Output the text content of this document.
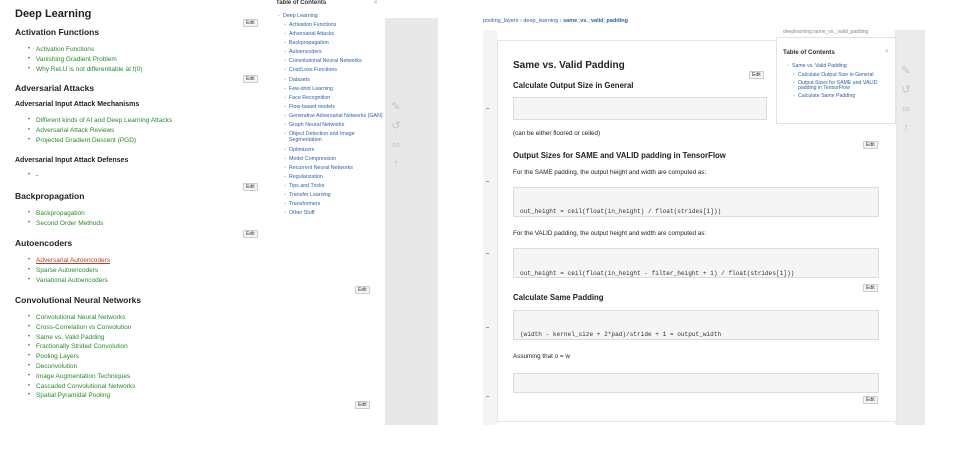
Deep Learning
Activation Functions
• Activation Functions
• Vanishing Gradient Problem
• Why ReLU is not differentiable at f(0)
Adversarial Attacks
Adversarial Input Attack Mechanisms
• Different kinds of AI and Deep Learning Attacks
• Adversarial Attack Reviews
• Projected Gradient Descent (PGD)
Adversarial Input Attack Defenses
• -
Backpropagation
• Backpropagation
• Second Order Methods
Autoencoders
• Adversarial Autoencoders
• Sparse Autoencoders
• Variational Autoencoders
Convolutional Neural Networks
• Convolutional Neural Networks
• Cross-Correlation vs Convolution
• Same vs. Valid Padding
• Fractionally Strided Convolution
• Pooling Layers
• Deconvolution
• Image Augmentation Techniques
• Cascaded Convolutional Networks
• Spatial Pyramidal Pooling
Edit
Edit
Edit
Edit
Edit
Edit
Table of Contents	×
◦ Deep Learning
◦ Activation Functions
◦ Adversarial Attacks
◦ Backpropagation
◦ Autoencoders
◦ Convolutional Neural Networks
◦ Cost/Loss Functions
◦ Datasets
◦ Few-shot Learning
◦ Face Recognition
◦ Flow-based models
◦ Generative Adversarial Networks (GAN)
◦ Graph Neural Networks
◦ Object Detection and Image Segmentation
◦ Optimizers
◦ Model Compression
◦ Recurrent Neural Networks
◦ Regularization
◦ Tips and Tricks
◦ Transfer Learning
◦ Transformers
◦ Other Stuff
✎
↺
∞
↑
pooling_layers › deep_learning › same_vs._valid_padding
✎
↺
∞
↑
Same vs. Valid Padding
Calculate Output Size in General
Edit

(can be either floored or ceiled)
Edit
Output Sizes for SAME and VALID padding in TensorFlow
For the SAME padding, the output height and width are computed as:

out_height = ceil(float(in_height) / float(strides[1]))

For the VALID padding, the output height and width are computed as:

out_height = ceil(float(in_height - filter_height + 1) / float(strides[1]))

Edit
Calculate Same Padding

(width - kernel_size + 2*pad)/stride + 1 = output_width

Assuming that o = w

Edit
deeplearning:same_vs._valid_padding
Table of Contents	×
◦ Same vs. Valid Padding
◦ Calculate Output Size in General
◦ Output Sizes for SAME and VALID padding in TensorFlow
◦ Calculate Same Padding
